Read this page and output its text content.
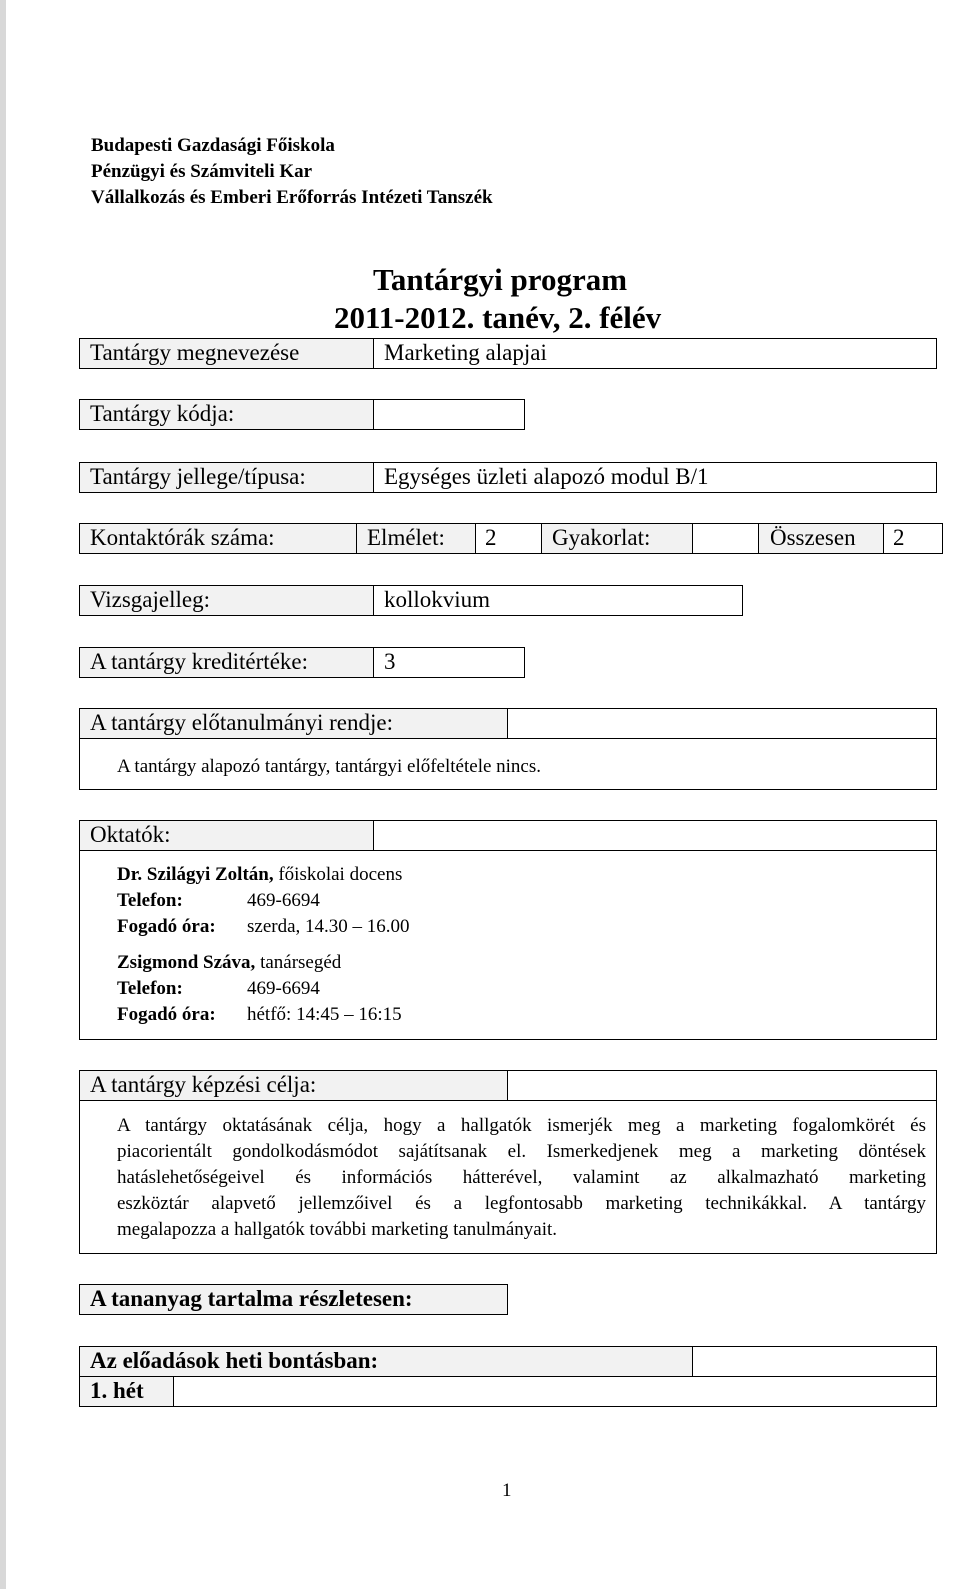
Budapesti Gazdasági Főiskola
Pénzügyi és Számviteli Kar
Vállalkozás és Emberi Erőforrás Intézeti Tanszék
Tantárgyi program
2011-2012. tanév, 2. félév
Tantárgy megnevezése	Marketing alapjai
Tantárgy kódja:
Tantárgy jellege/típusa:	Egységes üzleti alapozó modul B/1
Kontaktórák száma:	Elmélet: 2 Gyakorlat:	Összesen 2
Vizsgajelleg:	kollokvium
A tantárgy kreditértéke:	3
A tantárgy előtanulmányi rendje:
A tantárgy alapozó tantárgy, tantárgyi előfeltétele nincs.
Oktatók:
Dr. Szilágyi Zoltán, főiskolai docens
Telefon:	469-6694
Fogadó óra: szerda, 14.30 – 16.00
Zsigmond Száva, tanársegéd
Telefon:	469-6694
Fogadó óra: hétfő: 14:45 – 16:15
A tantárgy képzési célja:
A tantárgy oktatásának célja, hogy a hallgatók ismerjék meg a marketing fogalomkörét és
piacorientált gondolkodásmódot sajátítsanak el. Ismerkedjenek meg a marketing döntések
hatáslehetőségeivel és információs hátterével, valamint az alkalmazható marketing
eszköztár alapvető jellemzőivel és a legfontosabb marketing technikákkal. A tantárgy
megalapozza a hallgatók további marketing tanulmányait.
A tananyag tartalma részletesen:
Az előadások heti bontásban:
1. hét
1
